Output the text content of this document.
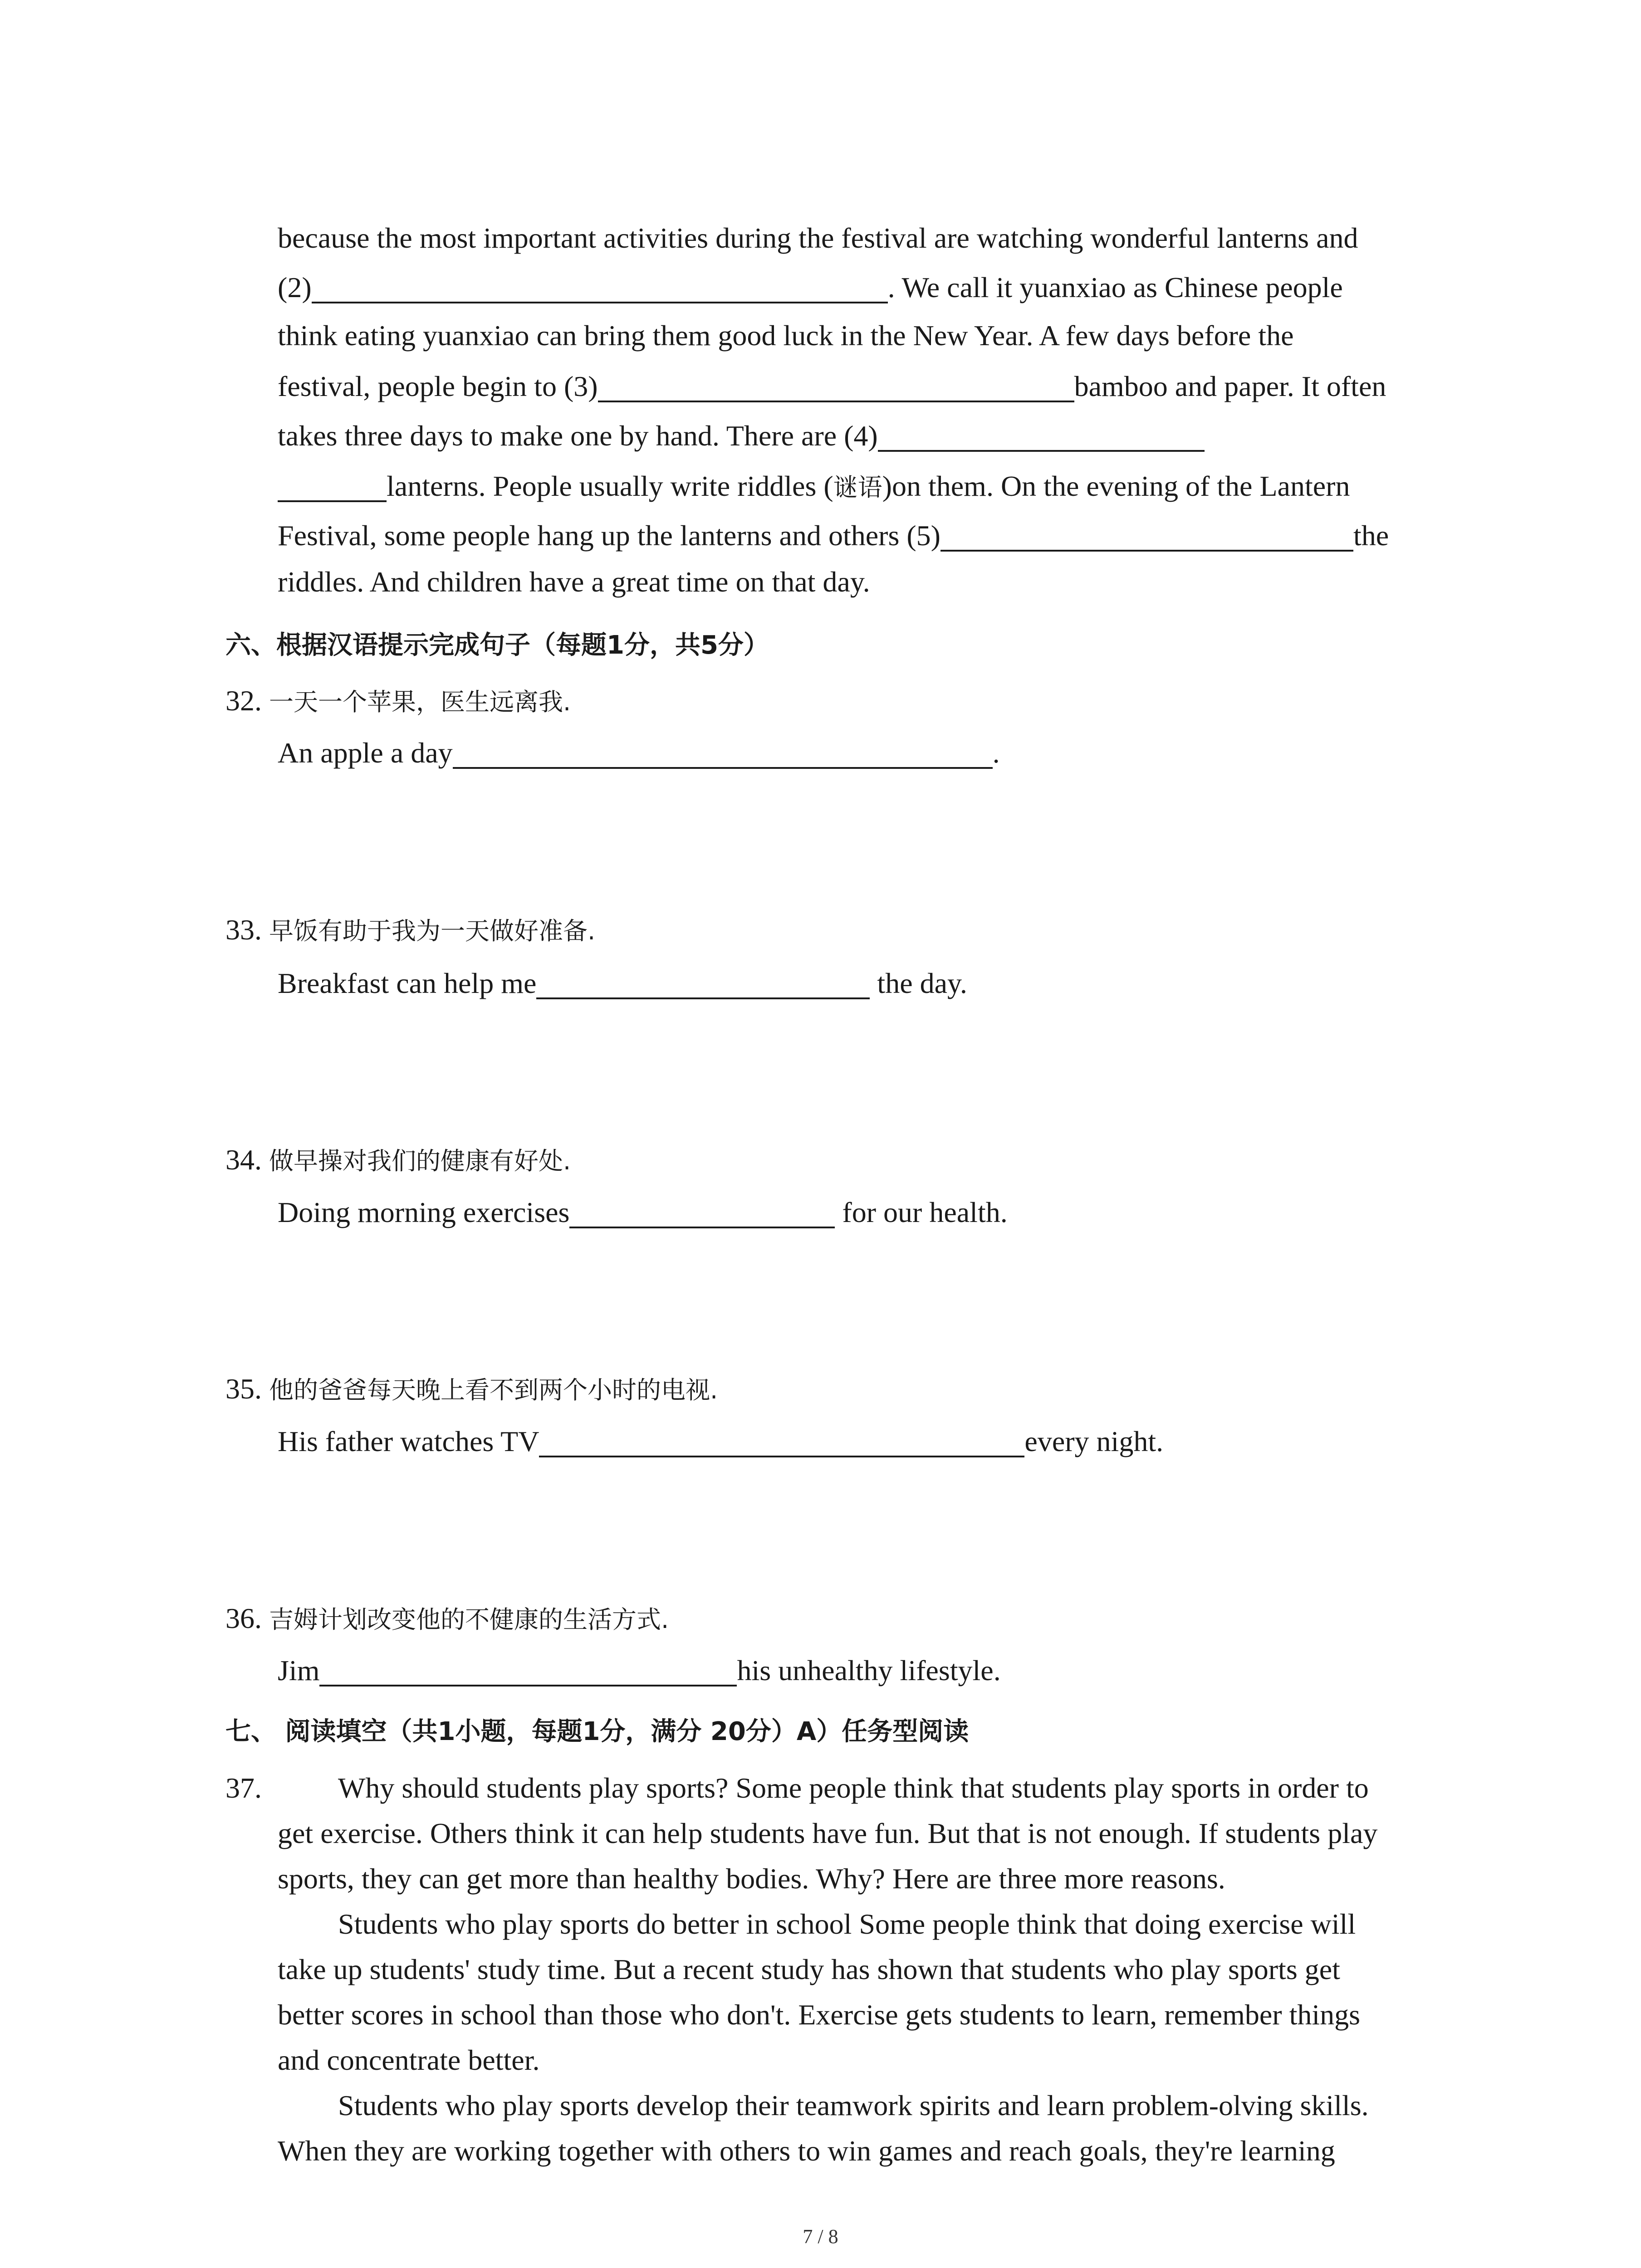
because the most important activities during the festival are watching wonderful lanterns and
(2)	. We call it yuanxiao as Chinese people
think eating yuanxiao can bring them good luck in the New Year. A few days before the
festival, people begin to (3)	bamboo and paper. It often
takes three days to make one by hand. There are (4)
lanterns. People usually write riddles (谜语)on them. On the evening of the Lantern
Festival, some people hang up the lanterns and others (5)	the
riddles. And children have a great time on that day.
六、根据汉语提示完成句子（每题1分，共5分）
32. 一天一个苹果，医生远离我.
An apple a day	.
33. 早饭有助于我为一天做好准备.
Breakfast can help me	the day.
34. 做早操对我们的健康有好处.
Doing morning exercises	for our health.
35. 他的爸爸每天晚上看不到两个小时的电视.
His father watches TV	every night.
36. 吉姆计划改变他的不健康的生活方式.
Jim	his unhealthy lifestyle.
七、 阅读填空（共1小题，每题1分，满分 20分）A）任务型阅读
37.	Why should students play sports? Some people think that students play sports in order to
get exercise. Others think it can help students have fun. But that is not enough. If students play
sports, they can get more than healthy bodies. Why? Here are three more reasons.
Students who play sports do better in school Some people think that doing exercise will
take up students' study time. But a recent study has shown that students who play sports get
better scores in school than those who don't. Exercise gets students to learn, remember things
and concentrate better.
Students who play sports develop their teamwork spirits and learn problem-olving skills.
When they are working together with others to win games and reach goals, they're learning
7 / 8
